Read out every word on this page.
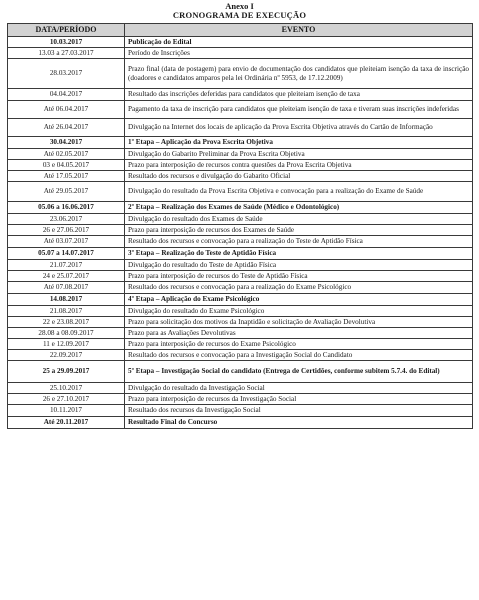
Anexo I
CRONOGRAMA DE EXECUÇÃO
DATA/PERÍODO	EVENTO
10.03.2017	Publicação do Edital
13.03 a 27.03.2017	Período de Inscrições
28.03.2017	Prazo final (data de postagem) para envio de documentação dos candidatos que pleiteiam isenção da taxa de inscrição (doadores e candidatos amparos pela lei Ordinária nº 5953, de 17.12.2009)
04.04.2017	Resultado das inscrições deferidas para candidatos que pleiteiam isenção de taxa
Até 06.04.2017	Pagamento da taxa de inscrição para candidatos que pleiteiam isenção de taxa e tiveram suas inscrições indeferidas
Até 26.04.2017	Divulgação na Internet dos locais de aplicação da Prova Escrita Objetiva através do Cartão de Informação
30.04.2017	1º Etapa – Aplicação da Prova Escrita Objetiva
Até 02.05.2017	Divulgação do Gabarito Preliminar da Prova Escrita Objetiva
03 e 04.05.2017	Prazo para interposição de recursos contra questões da Prova Escrita Objetiva
Até 17.05.2017	Resultado dos recursos e divulgação do Gabarito Oficial
Até 29.05.2017	Divulgação do resultado da Prova Escrita Objetiva e convocação para a realização do Exame de Saúde
05.06 a 16.06.2017	2º Etapa – Realização dos Exames de Saúde (Médico e Odontológico)
23.06.2017	Divulgação do resultado dos Exames de Saúde
26 e 27.06.2017	Prazo para interposição de recursos dos Exames de Saúde
Até 03.07.2017	Resultado dos recursos e convocação para a realização do Teste de Aptidão Física
05.07 a 14.07.2017	3º Etapa – Realização do Teste de Aptidão Física
21.07.2017	Divulgação do resultado do Teste de Aptidão Física
24 e 25.07.2017	Prazo para interposição de recursos do Teste de Aptidão Física
Até 07.08.2017	Resultado dos recursos e convocação para a realização do Exame Psicológico
14.08.2017	4º Etapa – Aplicação do Exame Psicológico
21.08.2017	Divulgação do resultado do Exame Psicológico
22 e 23.08.2017	Prazo para solicitação dos motivos da Inaptidão e solicitação de Avaliação Devolutiva
28.08 a 08.09.2017	Prazo para as Avaliações Devolutivas
11 e 12.09.2017	Prazo para interposição de recursos do Exame Psicológico
22.09.2017	Resultado dos recursos e convocação para a Investigação Social do Candidato
25 a 29.09.2017	5º Etapa – Investigação Social do candidato (Entrega de Certidões, conforme subitem 5.7.4. do Edital)
25.10.2017	Divulgação do resultado da Investigação Social
26 e 27.10.2017	Prazo para interposição de recursos da Investigação Social
10.11.2017	Resultado dos recursos da Investigação Social
Até 20.11.2017	Resultado Final do Concurso
